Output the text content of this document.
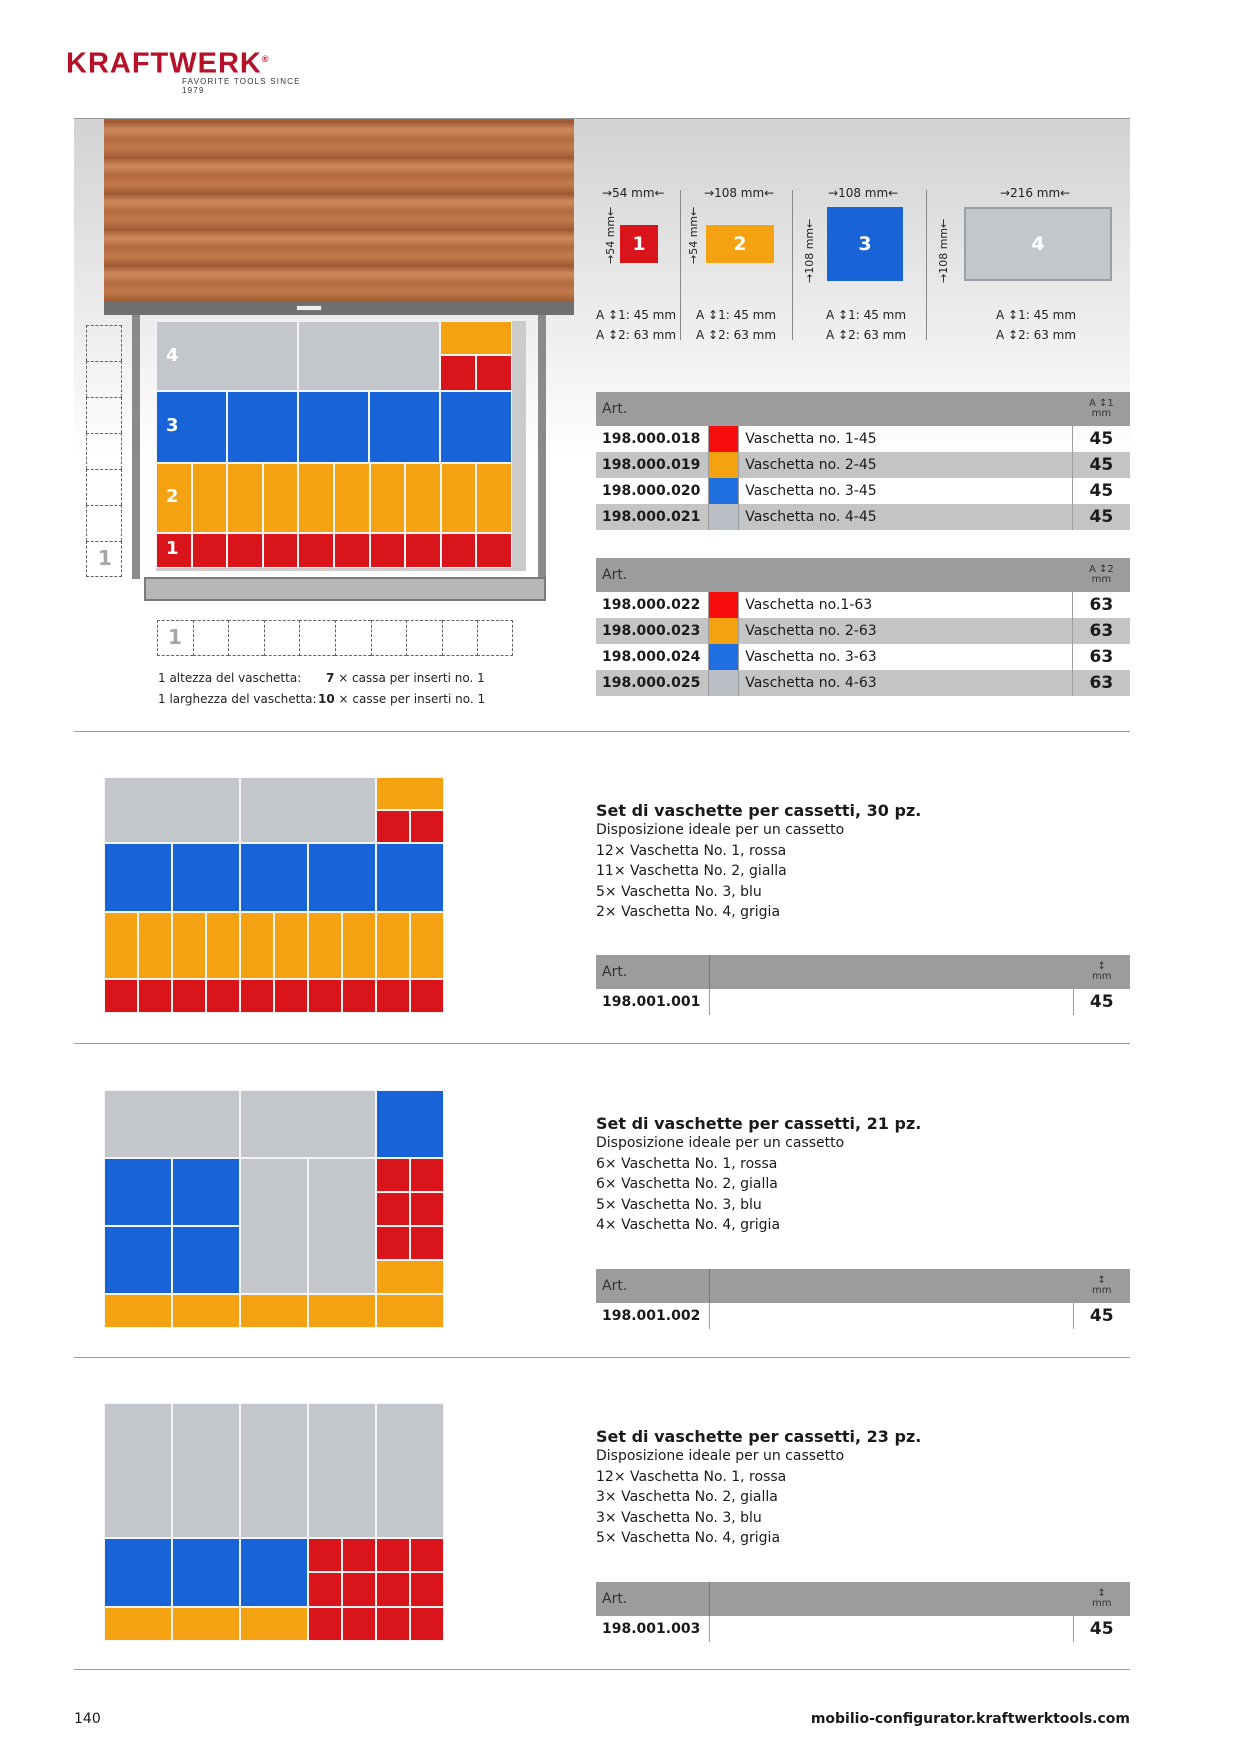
KRAFTWERK®
FAVORITE TOOLS SINCE 1979
4
3
2
1
1
1
1 altezza del vaschetta: 7 × cassa per inserti no. 1
1 larghezza del vaschetta: 10 × casse per inserti no. 1
→54 mm←
→54 mm←
1
A ↕1: 45 mm
A ↕2: 63 mm
→108 mm←
→54 mm←
2
A ↕1: 45 mm
A ↕2: 63 mm
→108 mm←
→108 mm←
3
A ↕1: 45 mm
A ↕2: 63 mm
→216 mm←
→108 mm←
4
A ↕1: 45 mm
A ↕2: 63 mm
Art.			A ↕1
mm

198.000.018		Vaschetta no. 1-45	45
198.000.019		Vaschetta no. 2-45	45
198.000.020		Vaschetta no. 3-45	45
198.000.021		Vaschetta no. 4-45	45
Art.			A ↕2
mm

198.000.022		Vaschetta no.1-63	63
198.000.023		Vaschetta no. 2-63	63
198.000.024		Vaschetta no. 3-63	63
198.000.025		Vaschetta no. 4-63	63
Set di vaschette per cassetti, 30 pz.
Disposizione ideale per un cassetto
12× Vaschetta No. 1, rossa
11× Vaschetta No. 2, gialla
5× Vaschetta No. 3, blu
2× Vaschetta No. 4, grigia
Art.		↕
mm

198.001.001		45
Set di vaschette per cassetti, 21 pz.
Disposizione ideale per un cassetto
6× Vaschetta No. 1, rossa
6× Vaschetta No. 2, gialla
5× Vaschetta No. 3, blu
4× Vaschetta No. 4, grigia
Art.		↕
mm

198.001.002		45
Set di vaschette per cassetti, 23 pz.
Disposizione ideale per un cassetto
12× Vaschetta No. 1, rossa
3× Vaschetta No. 2, gialla
3× Vaschetta No. 3, blu
5× Vaschetta No. 4, grigia
Art.		↕
mm

198.001.003		45
140	mobilio-configurator.kraftwerktools.com
